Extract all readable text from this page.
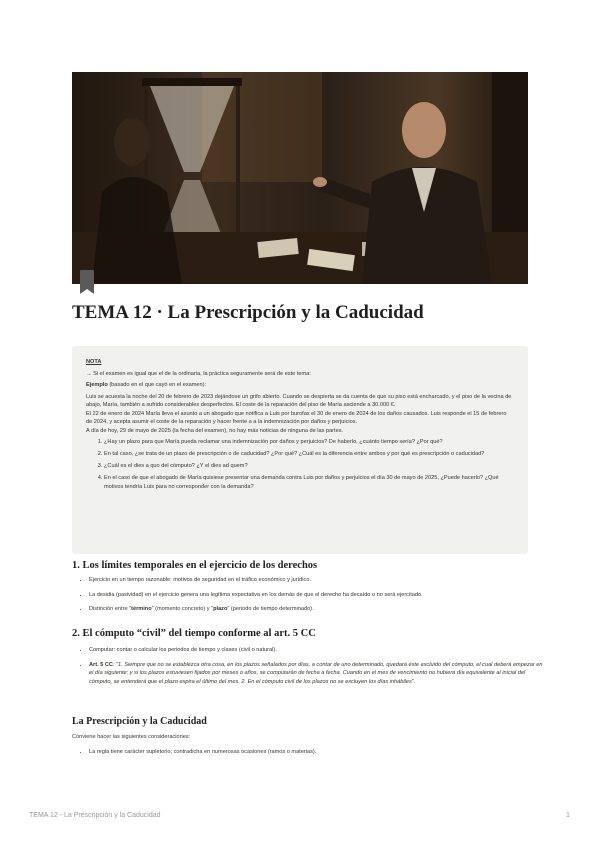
TEMA 12 · La Prescripción y la Caducidad

NOTA

→ Si el examen es igual que el de la ordinaria, la práctica seguramente será de este tema:

Ejemplo (basado en el que cayó en el examen):

Luis se acuesta la noche del 20 de febrero de 2023 dejándose un grifo abierto. Cuando se despierta se da cuenta de que su piso está encharcado, y el piso de la vecina de abajo, María, también a sufrido considerables desperfectos. El coste de la reparación del piso de María asciende a 30.000 €.

El 22 de enero de 2024 María lleva el asunto a un abogado que notifica a Luis por burofax el 30 de enero de 2024 de los daños causados. Luis responde el 15 de febrero de 2024, y acepta asumir el coste de la reparación y hacer frente a a la indemnización por daños y perjuicios.

A día de hoy, 29 de mayo de 2025 (la fecha del examen), no hay más noticias de ninguna de las partes.

1. ¿Hay un plazo para que María pueda reclamar una indemnización por daños y perjuicios? De haberlo, ¿cuánto tiempo sería? ¿Por qué?
2. En tal caso, ¿se trata de un plazo de prescripción o de caducidad? ¿Por qué? ¿Cuál es la diferencia entre ambos y por qué es prescripción o caducidad?
3. ¿Cuál es el dies a quo del cómputo? ¿Y el dies ad quem?
4. En el caso de que el abogado de María quisiese presentar una demanda contra Luis por daños y perjuicios el día 30 de mayo de 2025, ¿Puede hacerlo? ¿Qué motivos tendría Luis para no corresponder con la demanda?
1. Los límites temporales en el ejercicio de los derechos
• Ejercicio en un tiempo razonable: motivos de seguridad en el tráfico económico y jurídico.
• La desidia (pasividad) en el ejercicio genera una legítima expectativa en los demás de que el derecho ha decaído o no será ejercitado.
• Distinción entre "término" (momento concreto) y "plazo" (periodo de tiempo determinado).
2. El cómputo “civil” del tiempo conforme al art. 5 CC
• Computar: contar o calcular los periodos de tiempo y clases (civil o natural).
• Art. 5 CC: "1. Siempre que no se establezca otra cosa, en los plazos señalados por días, a contar de uno determinado, quedará éste excluido del cómputo, el cual deberá empezar en el día siguiente; y si los plazos estuviesen fijados por meses o años, se computarán de fecha a fecha. Cuando en el mes de vencimiento no hubiera día equivalente al inicial del cómputo, se entenderá que el plazo expira el último del mes. 2. En el cómputo civil de los plazos no se excluyen los días inhábiles".
La Prescripción y la Caducidad

Conviene hacer las siguientes consideraciones:

• La regla tiene carácter supletorio; contradicha en numerosas ocasiones (ramos o materias).
TEMA 12 - La Prescripción y la Caducidad	1
